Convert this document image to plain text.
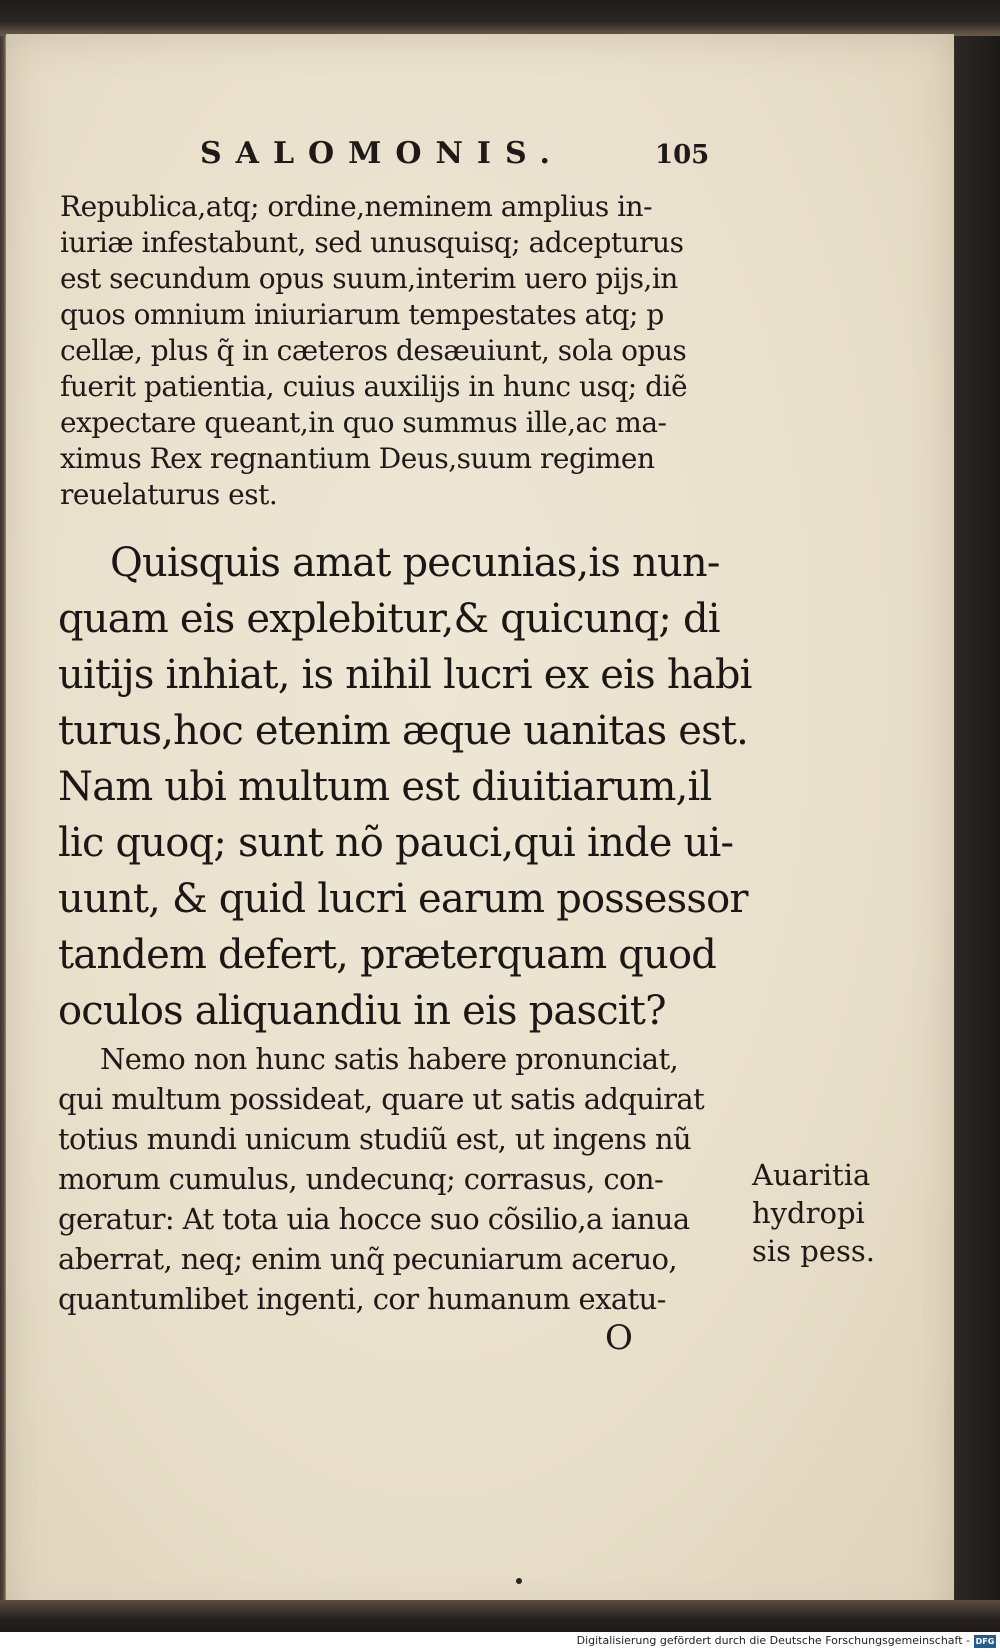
SALOMONIS.	105
Republica,atq; ordine,neminem amplius in-
iuriæ infestabunt, sed unusquisq; adcepturus
est secundum opus suum,interim uero pijs,in
quos omnium iniuriarum tempestates atq; p
cellæ, plus q̃ in cæteros desæuiunt, sola opus
fuerit patientia, cuius auxilijs in hunc usq; diẽ
expectare queant,in quo summus ille,ac ma-
ximus Rex regnantium Deus,suum regimen
reuelaturus est.
Quisquis amat pecunias,is nun-
quam eis explebitur,& quicunq; di
uitijs inhiat, is nihil lucri ex eis habi
turus,hoc etenim æque uanitas est.
Nam ubi multum est diuitiarum,il
lic quoq; sunt nõ pauci,qui inde ui-
uunt, & quid lucri earum possessor
tandem defert, præterquam quod
oculos aliquandiu in eis pascit?
Nemo non hunc satis habere pronunciat,
qui multum possideat, quare ut satis adquirat
totius mundi unicum studiũ est, ut ingens nũ
morum cumulus, undecunq; corrasus, con-
geratur: At tota uia hocce suo cõsilio,a ianua
aberrat, neq; enim unq̃ pecuniarum aceruo,
quantumlibet ingenti, cor humanum exatu-
Auaritia
hydropi
sis pess.
O
Digitalisierung gefördert durch die Deutsche Forschungsgemeinschaft - DFG
